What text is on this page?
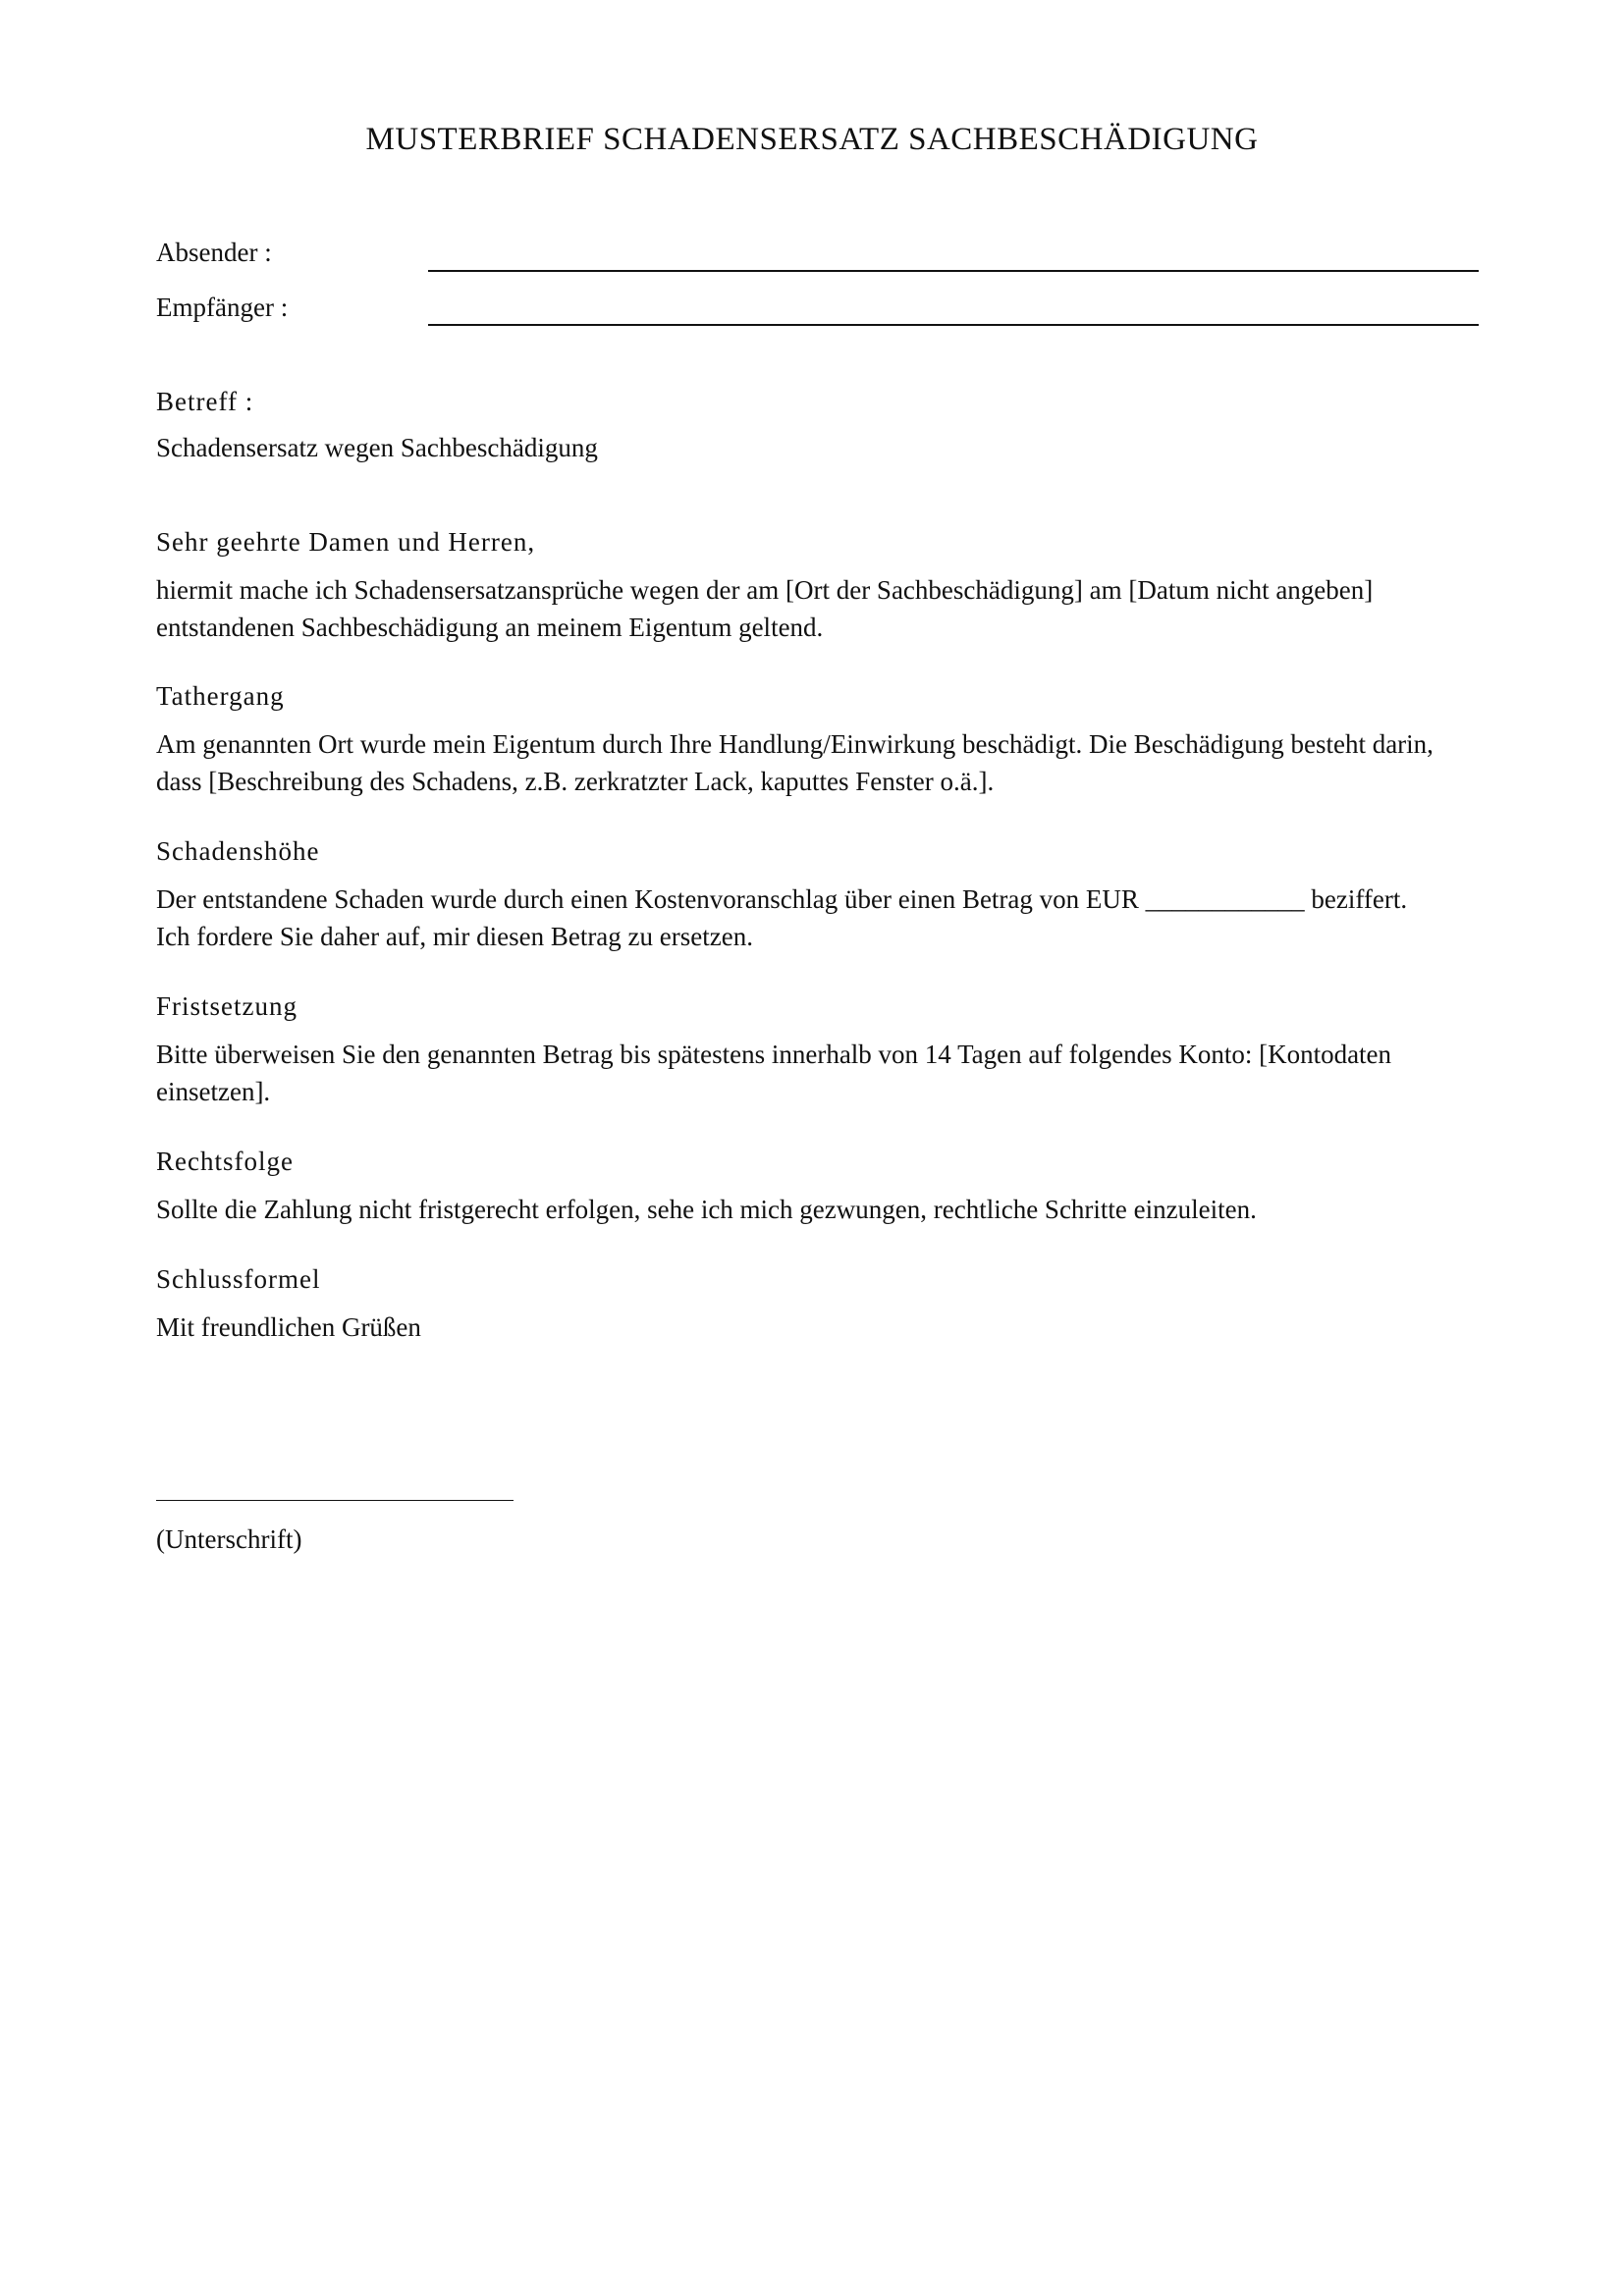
MUSTERBRIEF SCHADENSERSATZ SACHBESCHÄDIGUNG
Absender :
Empfänger :
Betreff :
Schadensersatz wegen Sachbeschädigung
Sehr geehrte Damen und Herren,
hiermit mache ich Schadensersatzansprüche wegen der am [Ort der Sachbeschädigung] am [Datum nicht angeben]
entstandenen Sachbeschädigung an meinem Eigentum geltend.
Tathergang
Am genannten Ort wurde mein Eigentum durch Ihre Handlung/Einwirkung beschädigt. Die Beschädigung besteht darin,
dass [Beschreibung des Schadens, z.B. zerkratzter Lack, kaputtes Fenster o.ä.].
Schadenshöhe
Der entstandene Schaden wurde durch einen Kostenvoranschlag über einen Betrag von EUR ____________ beziffert.
Ich fordere Sie daher auf, mir diesen Betrag zu ersetzen.
Fristsetzung
Bitte überweisen Sie den genannten Betrag bis spätestens innerhalb von 14 Tagen auf folgendes Konto: [Kontodaten
einsetzen].
Rechtsfolge
Sollte die Zahlung nicht fristgerecht erfolgen, sehe ich mich gezwungen, rechtliche Schritte einzuleiten.
Schlussformel
Mit freundlichen Grüßen
(Unterschrift)
